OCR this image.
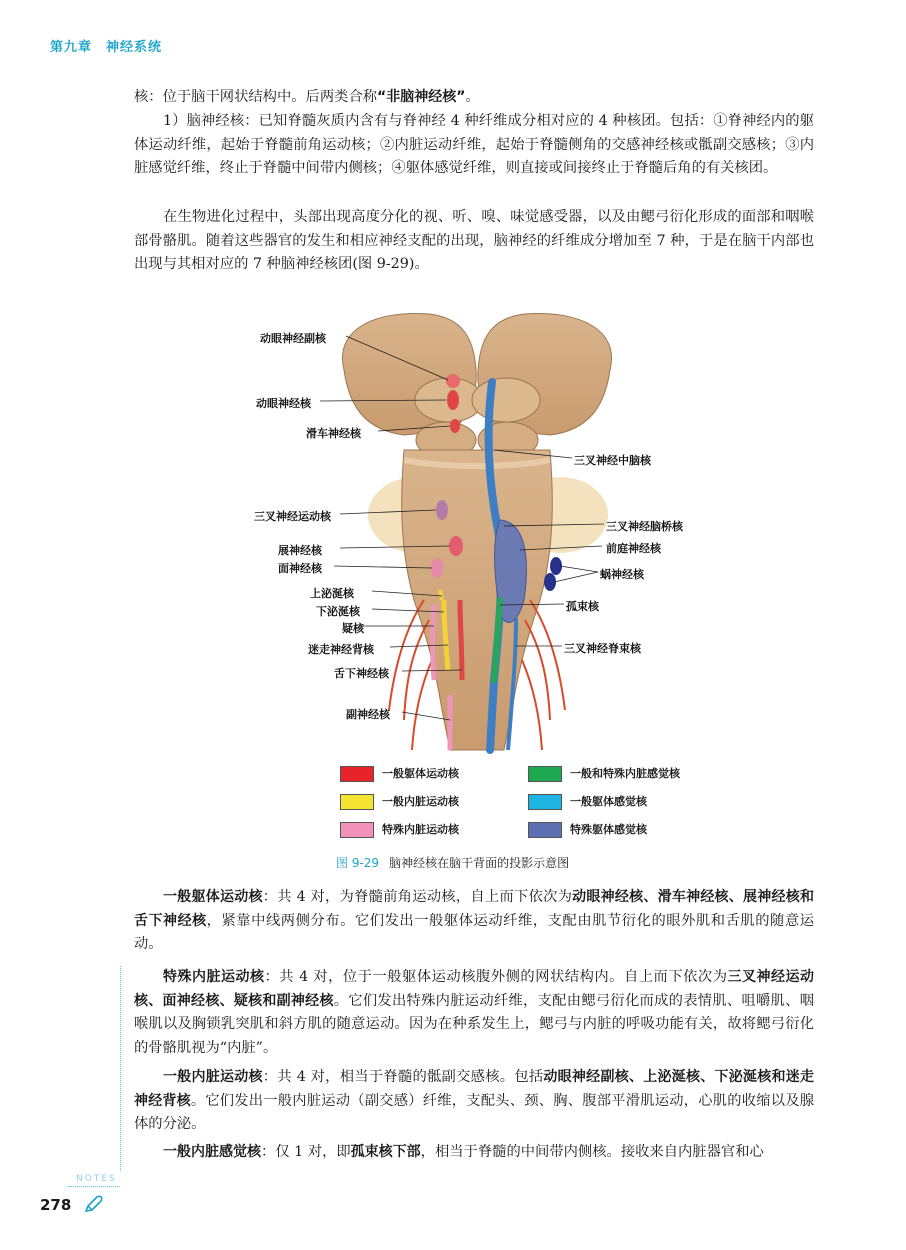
第九章 神经系统

核：位于脑干网状结构中。后两类合称“非脑神经核”。

1）脑神经核：已知脊髓灰质内含有与脊神经 4 种纤维成分相对应的 4 种核团。包括：①脊神经内的躯体运动纤维，起始于脊髓前角运动核；②内脏运动纤维，起始于脊髓侧角的交感神经核或骶副交感核；③内脏感觉纤维，终止于脊髓中间带内侧核；④躯体感觉纤维，则直接或间接终止于脊髓后角的有关核团。

在生物进化过程中，头部出现高度分化的视、听、嗅、味觉感受器，以及由鳃弓衍化形成的面部和咽喉部骨骼肌。随着这些器官的发生和相应神经支配的出现，脑神经的纤维成分增加至 7 种，于是在脑干内部也出现与其相对应的 7 种脑神经核团(图 9-29)。

动眼神经副核
动眼神经核
滑车神经核
三叉神经运动核
展神经核
面神经核
上泌涎核
下泌涎核
疑核
迷走神经背核
舌下神经核
副神经核
三叉神经中脑核
三叉神经脑桥核
前庭神经核
蜗神经核
孤束核
三叉神经脊束核
一般躯体运动核	一般和特殊内脏感觉核
一般内脏运动核	一般躯体感觉核
特殊内脏运动核	特殊躯体感觉核
图 9-29 脑神经核在脑干背面的投影示意图

一般躯体运动核：共 4 对，为脊髓前角运动核，自上而下依次为动眼神经核、滑车神经核、展神经核和舌下神经核，紧靠中线两侧分布。它们发出一般躯体运动纤维，支配由肌节衍化的眼外肌和舌肌的随意运动。

特殊内脏运动核：共 4 对，位于一般躯体运动核腹外侧的网状结构内。自上而下依次为三叉神经运动核、面神经核、疑核和副神经核。它们发出特殊内脏运动纤维，支配由鳃弓衍化而成的表情肌、咀嚼肌、咽喉肌以及胸锁乳突肌和斜方肌的随意运动。因为在种系发生上，鳃弓与内脏的呼吸功能有关，故将鳃弓衍化的骨骼肌视为“内脏”。

一般内脏运动核：共 4 对，相当于脊髓的骶副交感核。包括动眼神经副核、上泌涎核、下泌涎核和迷走神经背核。它们发出一般内脏运动（副交感）纤维，支配头、颈、胸、腹部平滑肌运动，心肌的收缩以及腺体的分泌。

一般内脏感觉核：仅 1 对，即孤束核下部，相当于脊髓的中间带内侧核。接收来自内脏器官和心

NOTES
278
